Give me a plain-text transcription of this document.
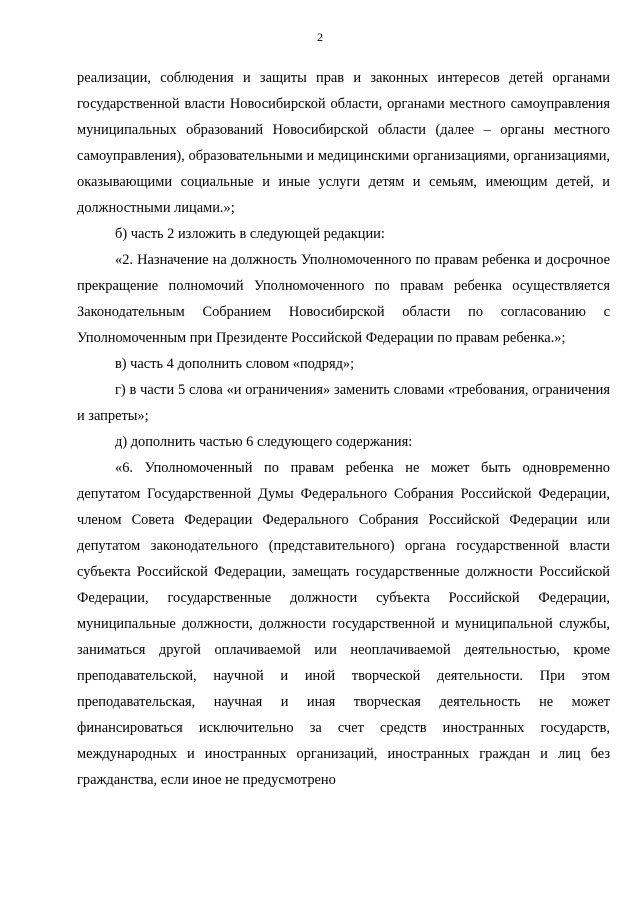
2

реализации, соблюдения и защиты прав и законных интересов детей органами государственной власти Новосибирской области, органами местного самоуправления муниципальных образований Новосибирской области (далее – органы местного самоуправления), образовательными и медицинскими организациями, организациями, оказывающими социальные и иные услуги детям и семьям, имеющим детей, и должностными лицами.»;

б) часть 2 изложить в следующей редакции:

«2. Назначение на должность Уполномоченного по правам ребенка и досрочное прекращение полномочий Уполномоченного по правам ребенка осуществляется Законодательным Собранием Новосибирской области по согласованию с Уполномоченным при Президенте Российской Федерации по правам ребенка.»;

в) часть 4 дополнить словом «подряд»;

г) в части 5 слова «и ограничения» заменить словами «требования, ограничения и запреты»;

д) дополнить частью 6 следующего содержания:

«6. Уполномоченный по правам ребенка не может быть одновременно депутатом Государственной Думы Федерального Собрания Российской Федерации, членом Совета Федерации Федерального Собрания Российской Федерации или депутатом законодательного (представительного) органа государственной власти субъекта Российской Федерации, замещать государственные должности Российской Федерации, государственные должности субъекта Российской Федерации, муниципальные должности, должности государственной и муниципальной службы, заниматься другой оплачиваемой или неоплачиваемой деятельностью, кроме преподавательской, научной и иной творческой деятельности. При этом преподавательская, научная и иная творческая деятельность не может финансироваться исключительно за счет средств иностранных государств, международных и иностранных организаций, иностранных граждан и лиц без гражданства, если иное не предусмотрено
